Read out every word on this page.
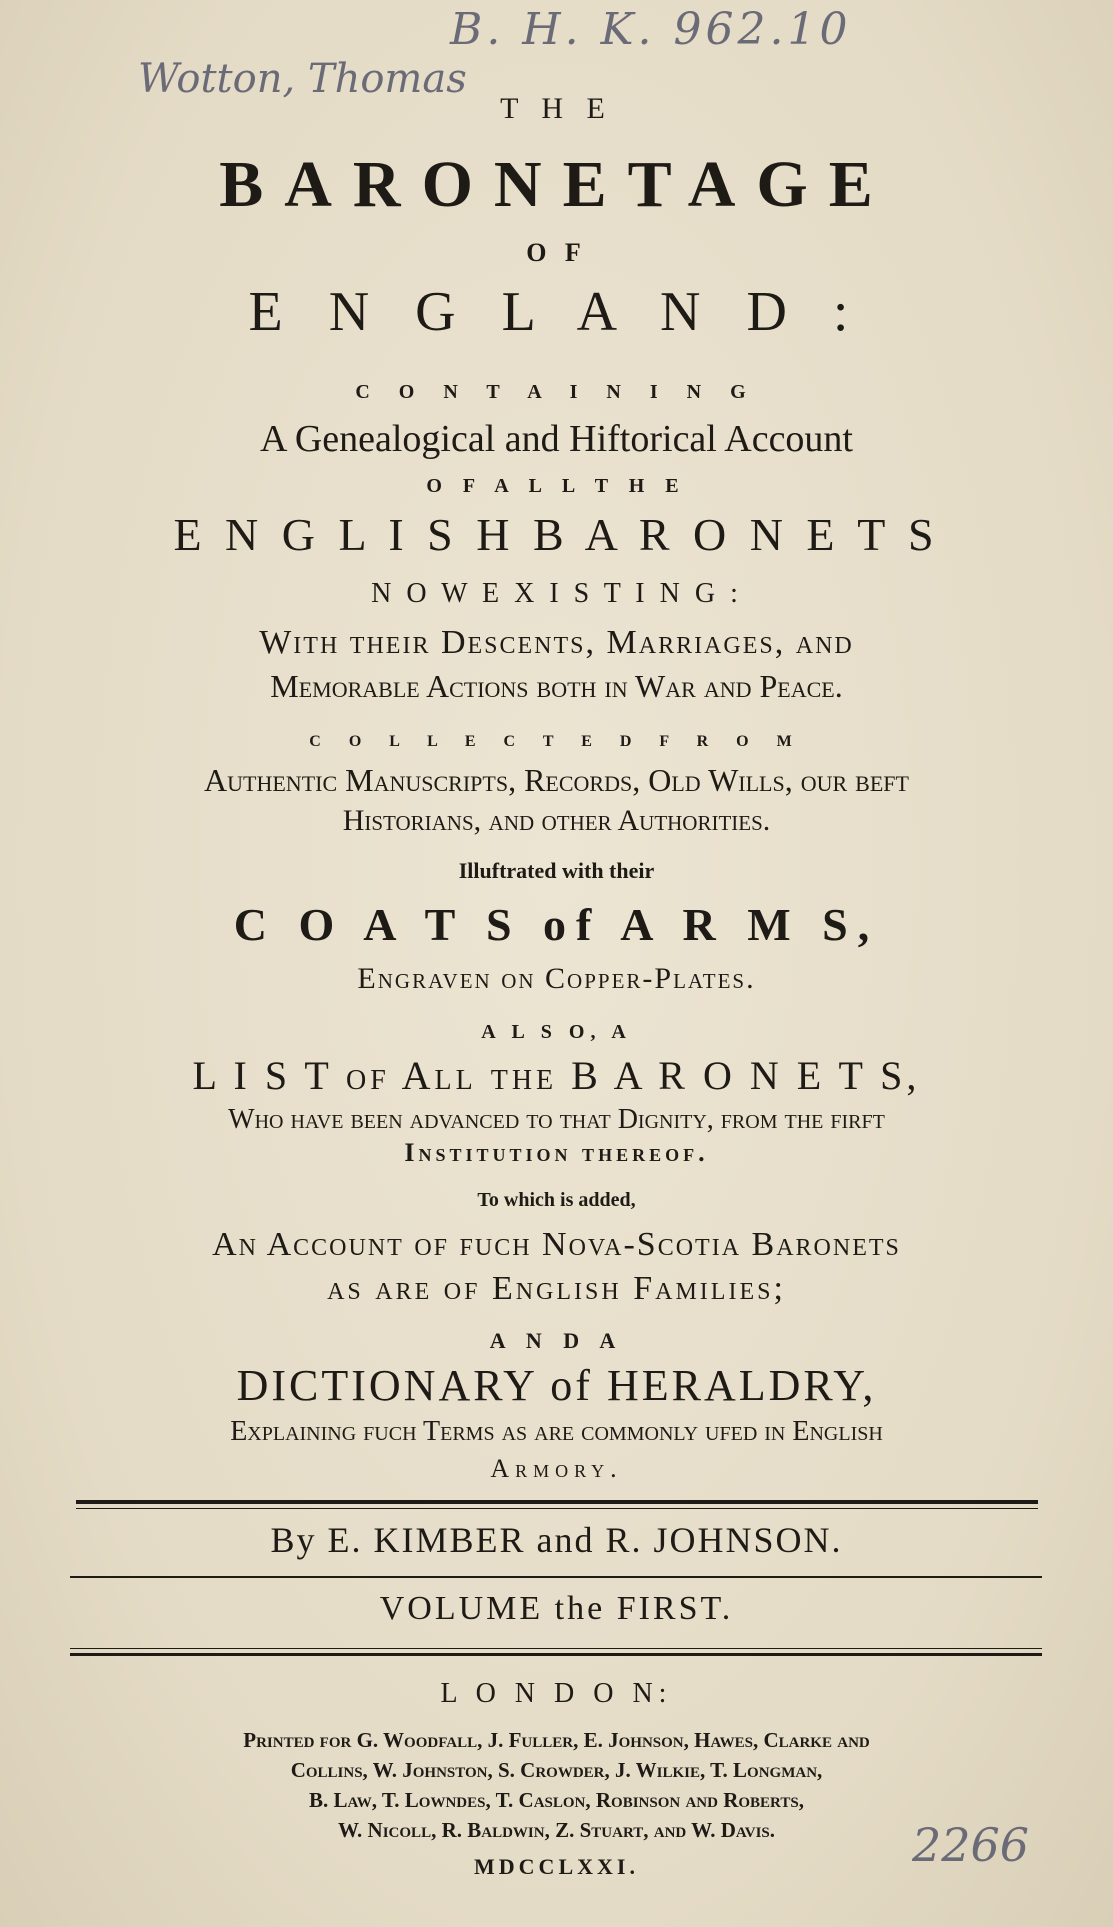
B. H. K. 962.10
Wotton, Thomas
2266
T H E
BARONETAGE
O F
E N G L A N D :
C O N T A I N I N G
A Genealogical and Hiftorical Account
O F A L L T H E
E N G L I S H B A R O N E T S
N O W E X I S T I N G :
With their Descents, Marriages, and
Memorable Actions both in War and Peace.
C O L L E C T E D F R O M
Authentic Manuscripts, Records, Old Wills, our beft
Historians, and other Authorities.
Illuftrated with their
C O A T S of A R M S,
Engraven on Copper-Plates.
A L S O, A
L I S T of All the B A R O N E T S,
Who have been advanced to that Dignity, from the firft
Institution thereof.
To which is added,
An Account of fuch Nova-Scotia Baronets
as are of English Families;
A N D A
DICTIONARY of HERALDRY,
Explaining fuch Terms as are commonly ufed in English
Armory.
By E. KIMBER and R. JOHNSON.
VOLUME the FIRST.
L O N D O N:
Printed for G. Woodfall, J. Fuller, E. Johnson, Hawes, Clarke and
Collins, W. Johnston, S. Crowder, J. Wilkie, T. Longman,
B. Law, T. Lowndes, T. Caslon, Robinson and Roberts,
W. Nicoll, R. Baldwin, Z. Stuart, and W. Davis.
MDCCLXXI.
